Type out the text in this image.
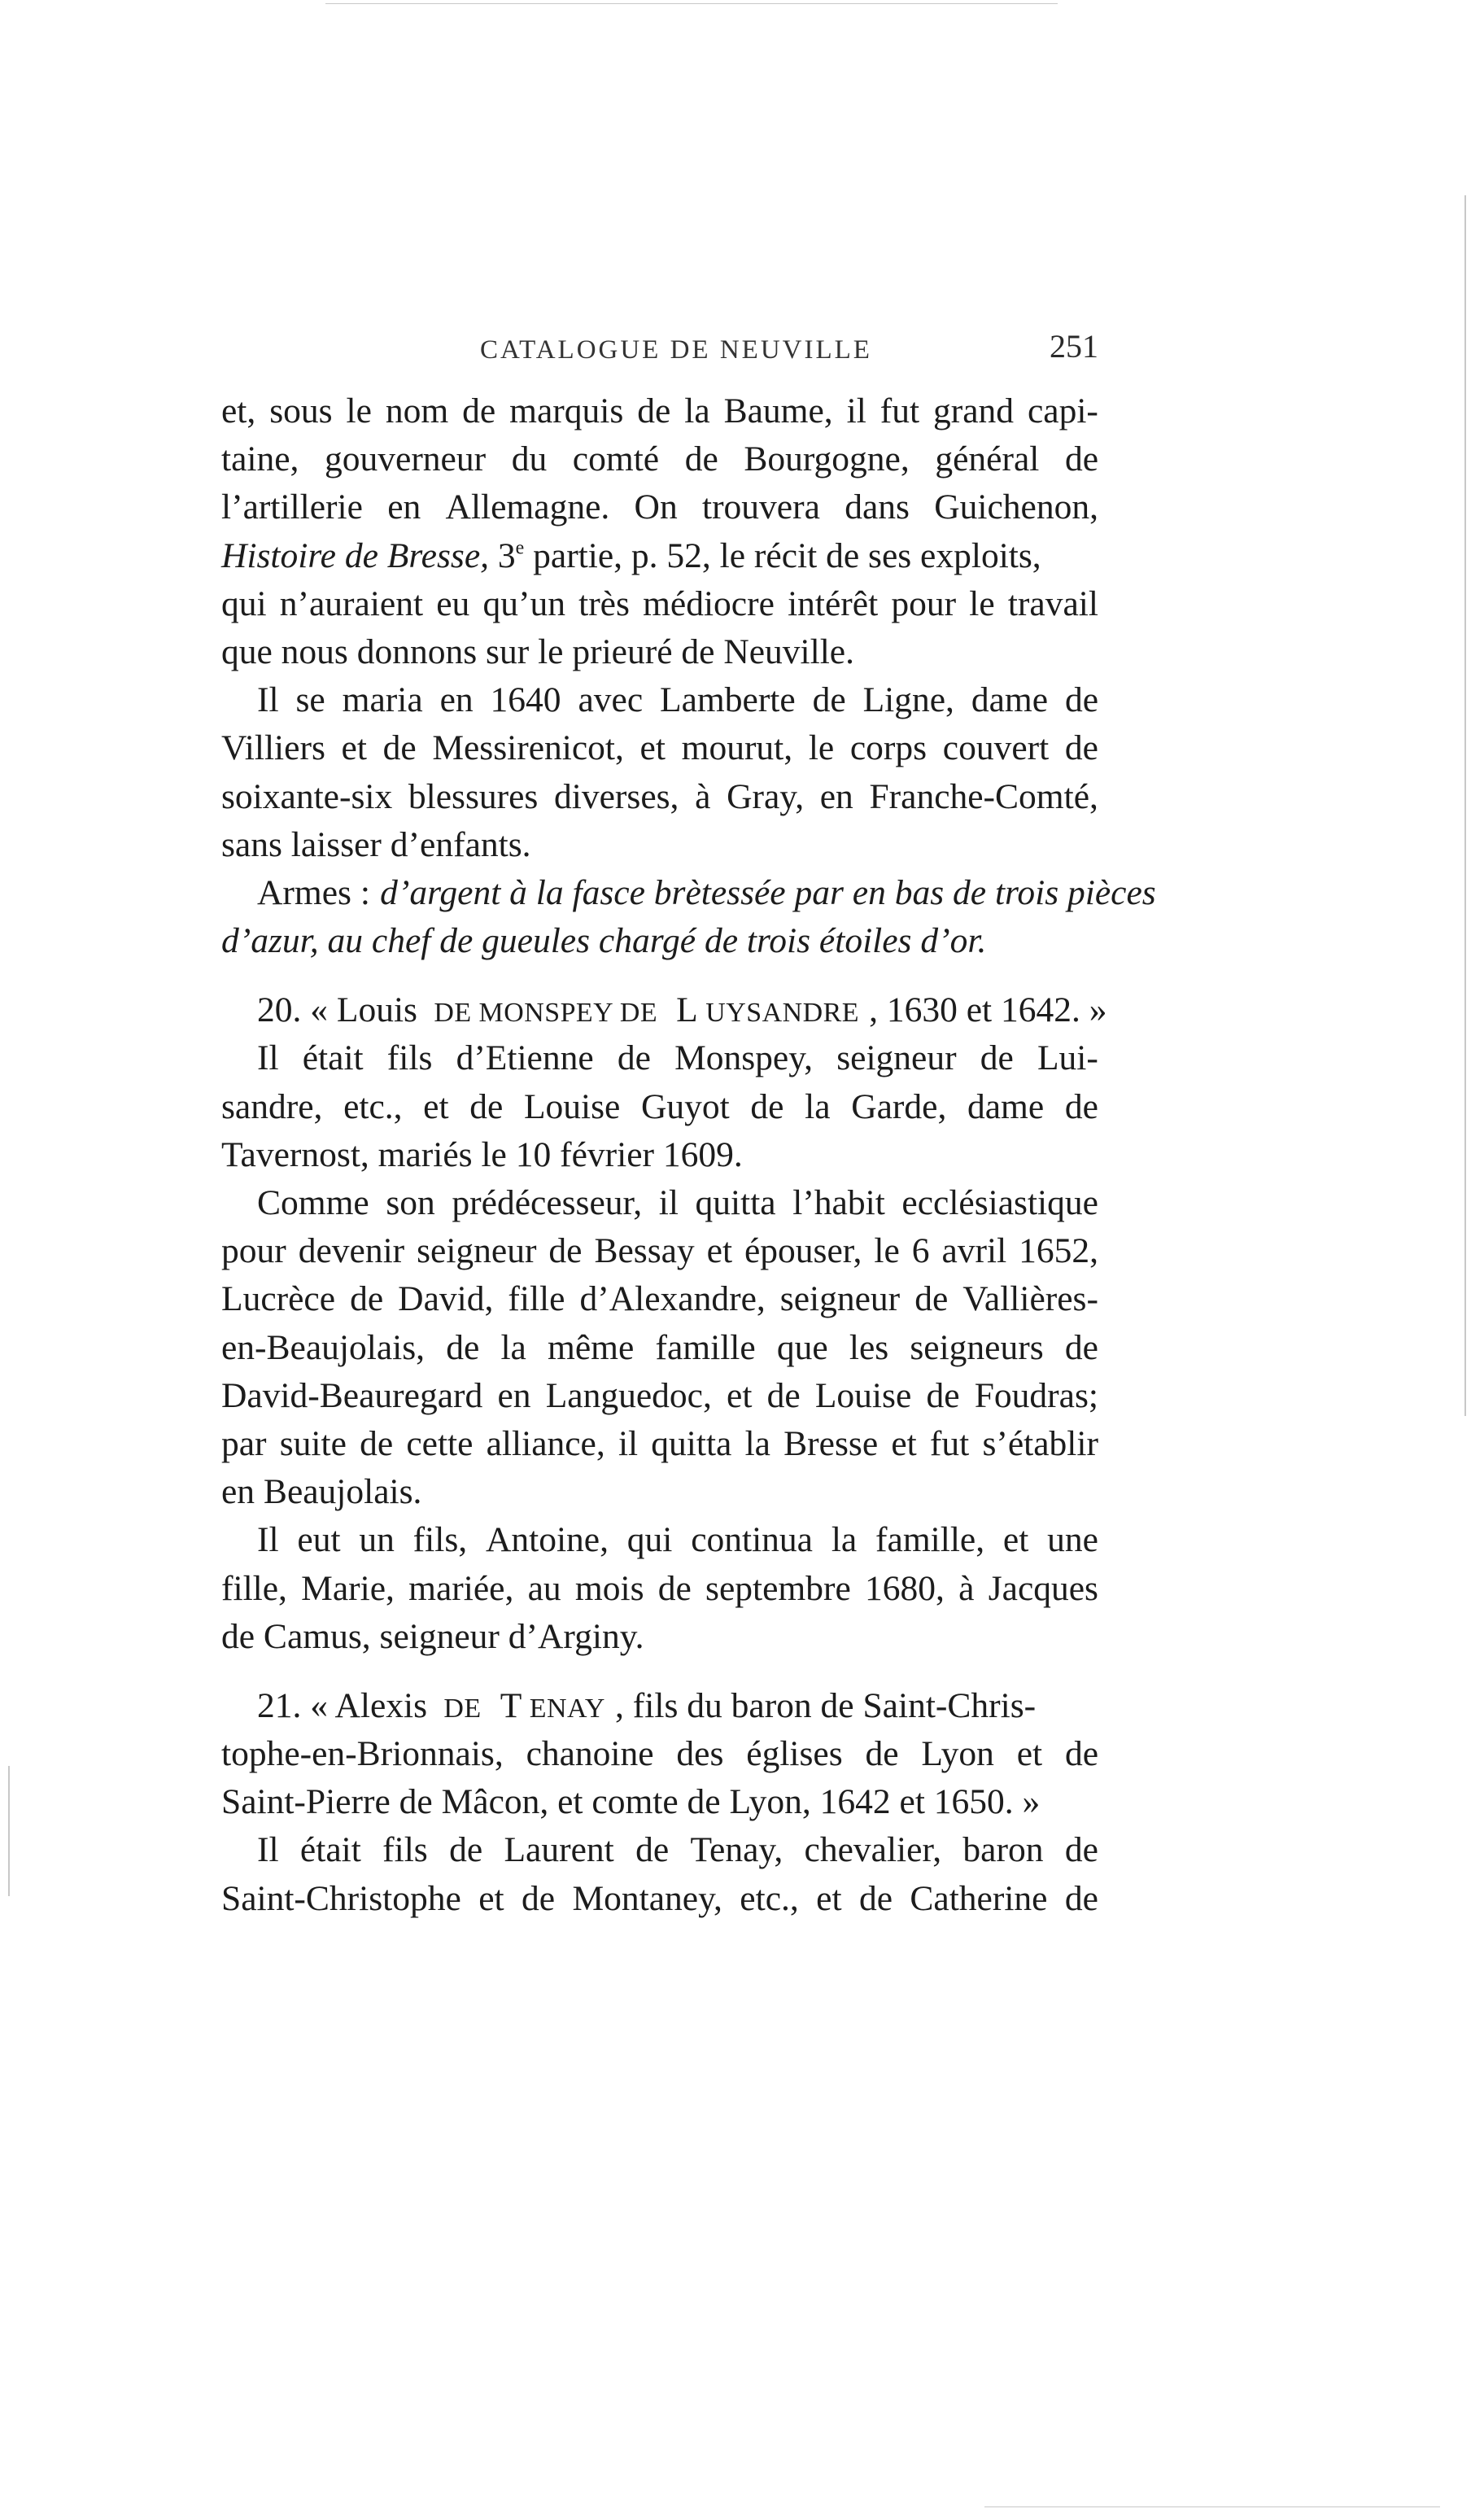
CATALOGUE DE NEUVILLE	251
et, sous le nom de marquis de la Baume, il fut grand capi-
taine, gouverneur du comté de Bourgogne, général de
l’artillerie en Allemagne. On trouvera dans Guichenon,
Histoire de Bresse, 3e partie, p. 52, le récit de ses exploits,
qui n’auraient eu qu’un très médiocre intérêt pour le travail
que nous donnons sur le prieuré de Neuville.
Il se maria en 1640 avec Lamberte de Ligne, dame de
Villiers et de Messirenicot, et mourut, le corps couvert de
soixante-six blessures diverses, à Gray, en Franche-Comté,
sans laisser d’enfants.
Armes : d’argent à la fasce brètessée par en bas de trois pièces
d’azur, au chef de gueules chargé de trois étoiles d’or.
20. « Louis DE MONSPEY DE L UYSANDRE , 1630 et 1642. »
Il était fils d’Etienne de Monspey, seigneur de Lui-
sandre, etc., et de Louise Guyot de la Garde, dame de
Tavernost, mariés le 10 février 1609.
Comme son prédécesseur, il quitta l’habit ecclésiastique
pour devenir seigneur de Bessay et épouser, le 6 avril 1652,
Lucrèce de David, fille d’Alexandre, seigneur de Vallières-
en-Beaujolais, de la même famille que les seigneurs de
David-Beauregard en Languedoc, et de Louise de Foudras;
par suite de cette alliance, il quitta la Bresse et fut s’établir
en Beaujolais.
Il eut un fils, Antoine, qui continua la famille, et une
fille, Marie, mariée, au mois de septembre 1680, à Jacques
de Camus, seigneur d’Arginy.
21. « Alexis DE T ENAY , fils du baron de Saint-Chris-
tophe-en-Brionnais, chanoine des églises de Lyon et de
Saint-Pierre de Mâcon, et comte de Lyon, 1642 et 1650. »
Il était fils de Laurent de Tenay, chevalier, baron de
Saint-Christophe et de Montaney, etc., et de Catherine de
